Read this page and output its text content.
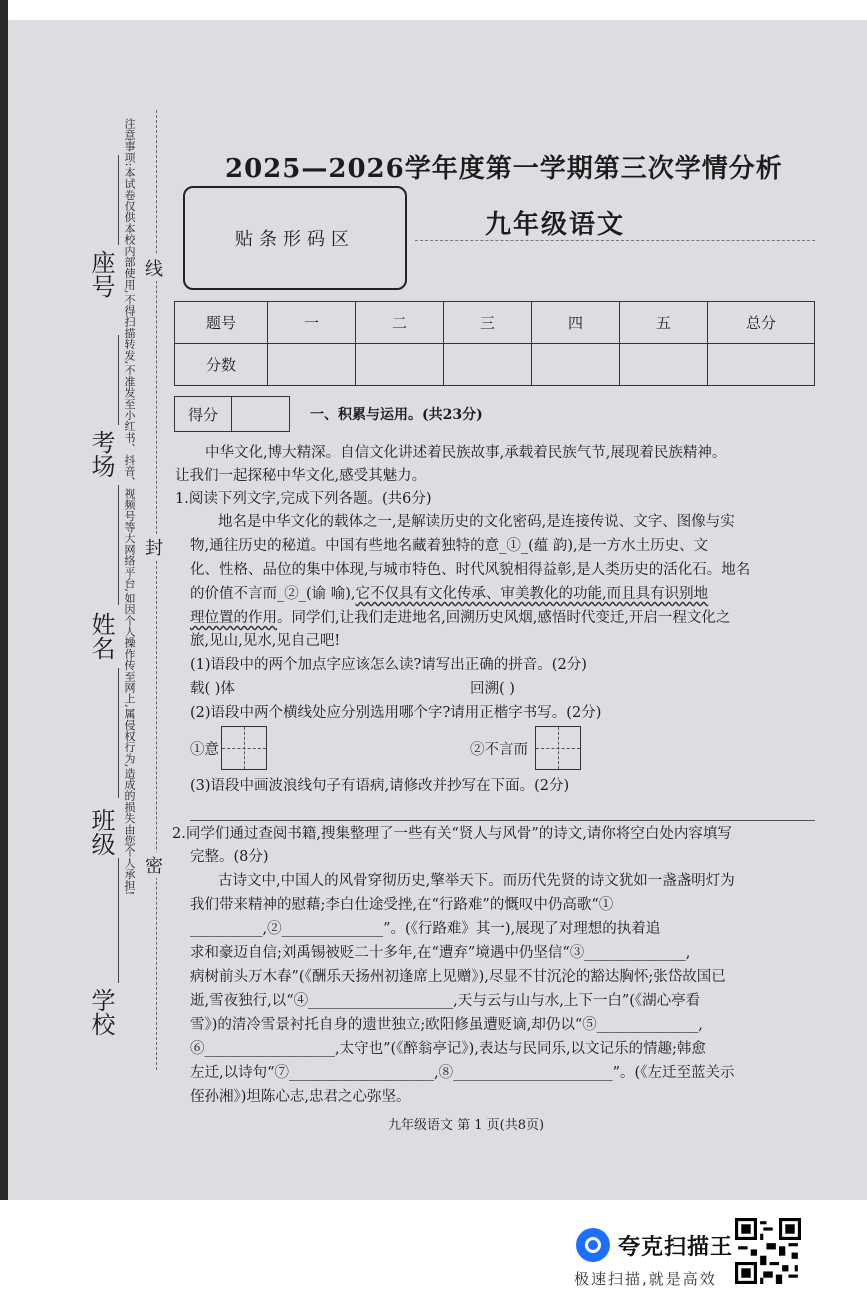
学校
班级
姓名
考场
座号 注意事项:本试卷仅供本校内部使用,不得扫描转发,不准发至小红书、抖音、视频号等大网络平台,如因个人操作传至网上,属侵权行为,造成的损失由您个人承担! 密
封
线
2025—2026学年度第一学期第三次学情分析
贴条形码区	九年级语文
题号	一	二	三	四	五	总分
分数						
得分	一、积累与运用。(共23分)
中华文化,博大精深。自信文化讲述着民族故事,承载着民族气节,展现着民族精神。
让我们一起探秘中华文化,感受其魅力。
1.阅读下列文字,完成下列各题。(共6分)
地名是中华文化的载体之一,是解读历史的文化密码,是连接传说、文字、图像与实
物,通往历史的秘道。中国有些地名藏着独特的意_①_(蕴 韵),是一方水土历史、文
化、性格、品位的集中体现,与城市特色、时代风貌相得益彰,是人类历史的活化石。地名
的价值不言而_②_(谕 喻),它不仅具有文化传承、审美教化的功能,而且具有识别地
理位置的作用。同学们,让我们走进地名,回溯历史风烟,感悟时代变迁,开启一程文化之
旅,见山,见水,见自己吧!
(1)语段中的两个加点字应该怎么读?请写出正确的拼音。(2分)
载( )体	回溯( )
(2)语段中两个横线处应分别选用哪个字?请用正楷字书写。(2分)
①意	②不言而
(3)语段中画波浪线句子有语病,请修改并抄写在下面。(2分)
2.同学们通过查阅书籍,搜集整理了一些有关“贤人与风骨”的诗文,请你将空白处内容填写
完整。(8分)
古诗文中,中国人的风骨穿彻历史,擎举天下。而历代先贤的诗文犹如一盏盏明灯为
我们带来精神的慰藉;李白仕途受挫,在“行路难”的慨叹中仍高歌“①
__________,②______________”。(《行路难》其一),展现了对理想的执着追
求和豪迈自信;刘禹锡被贬二十多年,在“遭弃”境遇中仍坚信“③______________,
病树前头万木春”(《酬乐天扬州初逢席上见赠》),尽显不甘沉沦的豁达胸怀;张岱故国已
逝,雪夜独行,以“④____________________,天与云与山与水,上下一白”(《湖心亭看
雪》)的清冷雪景衬托自身的遗世独立;欧阳修虽遭贬谪,却仍以“⑤______________,
⑥__________________,太守也”(《醉翁亭记》),表达与民同乐,以文记乐的情趣;韩愈
左迁,以诗句“⑦____________________,⑧______________________”。(《左迁至蓝关示
侄孙湘》)坦陈心志,忠君之心弥坚。
九年级语文 第 1 页(共8页)
夸克扫描王
极速扫描,就是高效
